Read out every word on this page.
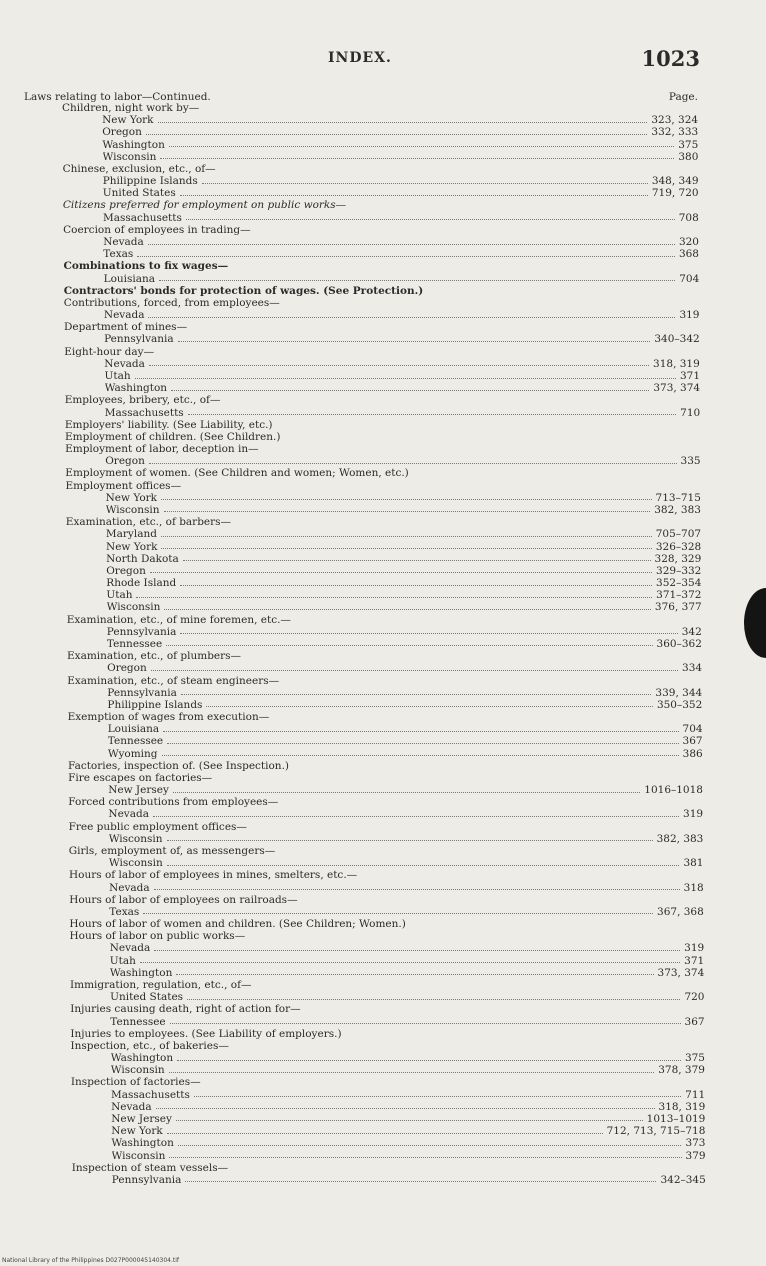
INDEX.	1023
Laws relating to labor—Continued.	Page.
Children, night work by—
New York	323, 324
Oregon	332, 333
Washington	375
Wisconsin	380
Chinese, exclusion, etc., of—
Philippine Islands	348, 349
United States	719, 720
Citizens preferred for employment on public works—
Massachusetts	708
Coercion of employees in trading—
Nevada	320
Texas	368
Combinations to fix wages—
Louisiana	704
Contractors' bonds for protection of wages. (See Protection.)
Contributions, forced, from employees—
Nevada	319
Department of mines—
Pennsylvania	340–342
Eight-hour day—
Nevada	318, 319
Utah	371
Washington	373, 374
Employees, bribery, etc., of—
Massachusetts	710
Employers' liability. (See Liability, etc.)
Employment of children. (See Children.)
Employment of labor, deception in—
Oregon	335
Employment of women. (See Children and women; Women, etc.)
Employment offices—
New York	713–715
Wisconsin	382, 383
Examination, etc., of barbers—
Maryland	705–707
New York	326–328
North Dakota	328, 329
Oregon	329–332
Rhode Island	352–354
Utah	371–372
Wisconsin	376, 377
Examination, etc., of mine foremen, etc.—
Pennsylvania	342
Tennessee	360–362
Examination, etc., of plumbers—
Oregon	334
Examination, etc., of steam engineers—
Pennsylvania	339, 344
Philippine Islands	350–352
Exemption of wages from execution—
Louisiana	704
Tennessee	367
Wyoming	386
Factories, inspection of. (See Inspection.)
Fire escapes on factories—
New Jersey	1016–1018
Forced contributions from employees—
Nevada	319
Free public employment offices—
Wisconsin	382, 383
Girls, employment of, as messengers—
Wisconsin	381
Hours of labor of employees in mines, smelters, etc.—
Nevada	318
Hours of labor of employees on railroads—
Texas	367, 368
Hours of labor of women and children. (See Children; Women.)
Hours of labor on public works—
Nevada	319
Utah	371
Washington	373, 374
Immigration, regulation, etc., of—
United States	720
Injuries causing death, right of action for—
Tennessee	367
Injuries to employees. (See Liability of employers.)
Inspection, etc., of bakeries—
Washington	375
Wisconsin	378, 379
Inspection of factories—
Massachusetts	711
Nevada	318, 319
New Jersey	1013–1019
New York	712, 713, 715–718
Washington	373
Wisconsin	379
Inspection of steam vessels—
Pennsylvania	342–345
National Library of the Philippines D027P000045140304.tif
